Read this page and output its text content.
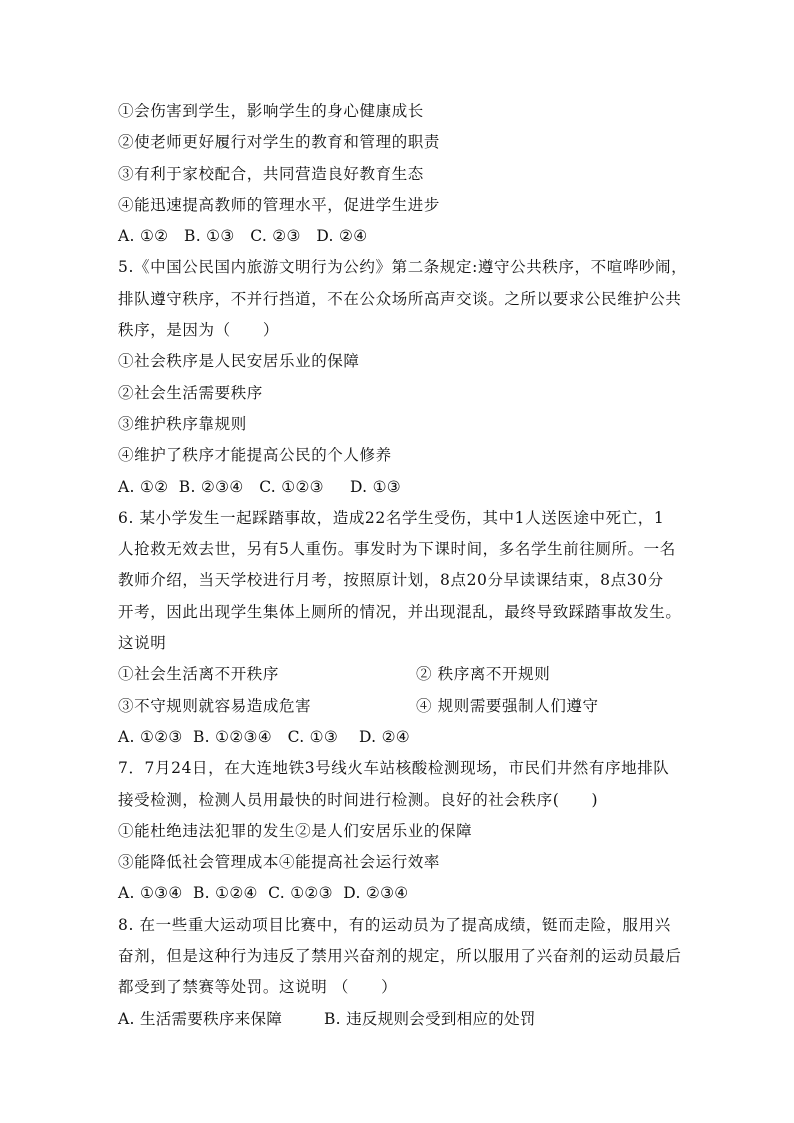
①会伤害到学生，影响学生的身心健康成长
②使老师更好履行对学生的教育和管理的职责
③有利于家校配合，共同营造良好教育生态
④能迅速提高教师的管理水平，促进学生进步
A. ①②   B. ①③   C. ②③   D. ②④
5.《中国公民国内旅游文明行为公约》第二条规定:遵守公共秩序，不喧哗吵闹，
排队遵守秩序，不并行挡道，不在公众场所高声交谈。之所以要求公民维护公共
秩序，是因为（　　）
①社会秩序是人民安居乐业的保障
②社会生活需要秩序
③维护秩序靠规则
④维护了秩序才能提高公民的个人修养
A. ①②  B. ②③④   C. ①②③     D. ①③
6. 某小学发生一起踩踏事故，造成22名学生受伤，其中1人送医途中死亡，1
人抢救无效去世，另有5人重伤。事发时为下课时间，多名学生前往厕所。一名
教师介绍，当天学校进行月考，按照原计划，8点20分早读课结束，8点30分
开考，因此出现学生集体上厕所的情况，并出现混乱，最终导致踩踏事故发生。
这说明
①社会生活离不开秩序	② 秩序离不开规则
③不守规则就容易造成危害	④ 规则需要强制人们遵守
A. ①②③  B. ①②③④   C. ①③    D. ②④
7．7月24日，在大连地铁3号线火车站核酸检测现场，市民们井然有序地排队
接受检测，检测人员用最快的时间进行检测。良好的社会秩序(　　)
①能杜绝违法犯罪的发生②是人们安居乐业的保障
③能降低社会管理成本④能提高社会运行效率
A. ①③④  B. ①②④  C. ①②③  D. ②③④
8. 在一些重大运动项目比赛中，有的运动员为了提高成绩，铤而走险，服用兴
奋剂，但是这种行为违反了禁用兴奋剂的规定，所以服用了兴奋剂的运动员最后
都受到了禁赛等处罚。这说明 （　　）
A. 生活需要秩序来保障        B. 违反规则会受到相应的处罚
